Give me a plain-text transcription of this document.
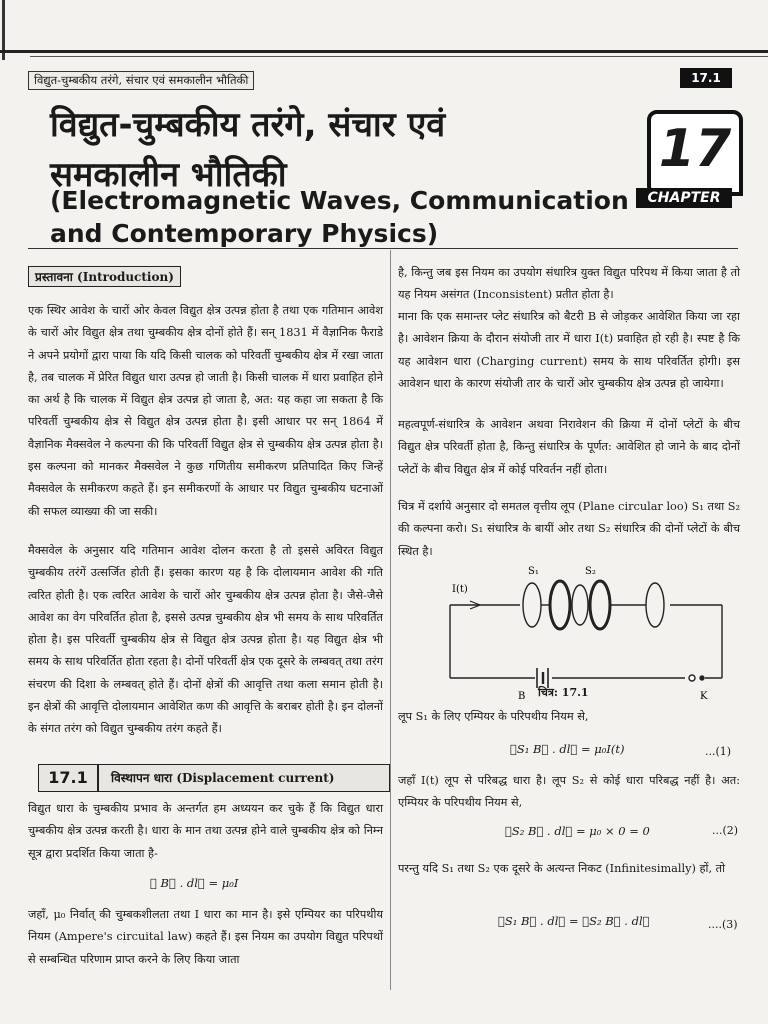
विद्युत-चुम्बकीय तरंगे, संचार एवं समकालीन भौतिकी	17.1
विद्युत-चुम्बकीय तरंगे, संचार एवं
समकालीन भौतिकी
(Electromagnetic Waves, Communication
and Contemporary Physics)
17
CHAPTER
प्रस्तावना (Introduction)
एक स्थिर आवेश के चारों ओर केवल विद्युत क्षेत्र उत्पन्न होता है तथा एक गतिमान आवेश के चारों ओर विद्युत क्षेत्र तथा चुम्बकीय क्षेत्र दोनों होते हैं। सन् 1831 में वैज्ञानिक फैराडे ने अपने प्रयोगों द्वारा पाया कि यदि किसी चालक को परिवर्ती चुम्बकीय क्षेत्र में रखा जाता है, तब चालक में प्रेरित विद्युत धारा उत्पन्न हो जाती है। किसी चालक में धारा प्रवाहित होने का अर्थ है कि चालक में विद्युत क्षेत्र उत्पन्न हो जाता है, अत: यह कहा जा सकता है कि परिवर्ती चुम्बकीय क्षेत्र से विद्युत क्षेत्र उत्पन्न होता है। इसी आधार पर सन् 1864 में वैज्ञानिक मैक्सवेल ने कल्पना की कि परिवर्ती विद्युत क्षेत्र से चुम्बकीय क्षेत्र उत्पन्न होता है। इस कल्पना को मानकर मैक्सवेल ने कुछ गणितीय समीकरण प्रतिपादित किए जिन्हें मैक्सवेल के समीकरण कहते हैं। इन समीकरणों के आधार पर विद्युत चुम्बकीय घटनाओं की सफल व्याख्या की जा सकी।
मैक्सवेल के अनुसार यदि गतिमान आवेश दोलन करता है तो इससे अविरत विद्युत चुम्बकीय तरंगें उत्सर्जित होती हैं। इसका कारण यह है कि दोलायमान आवेश की गति त्वरित होती है। एक त्वरित आवेश के चारों ओर चुम्बकीय क्षेत्र उत्पन्न होता है। जैसे-जैसे आवेश का वेग परिवर्तित होता है, इससे उत्पन्न चुम्बकीय क्षेत्र भी समय के साथ परिवर्तित होता है। इस परिवर्ती चुम्बकीय क्षेत्र से विद्युत क्षेत्र उत्पन्न होता है। यह विद्युत क्षेत्र भी समय के साथ परिवर्तित होता रहता है। दोनों परिवर्ती क्षेत्र एक दूसरे के लम्बवत् तथा तरंग संचरण की दिशा के लम्बवत् होते हैं। दोनों क्षेत्रों की आवृत्ति तथा कला समान होती है। इन क्षेत्रों की आवृत्ति दोलायमान आवेशित कण की आवृत्ति के बराबर होती है। इन दोलनों के संगत तरंग को विद्युत चुम्बकीय तरंग कहते हैं।
17.1	विस्थापन धारा (Displacement current)
विद्युत धारा के चुम्बकीय प्रभाव के अन्तर्गत हम अध्ययन कर चुके हैं कि विद्युत धारा चुम्बकीय क्षेत्र उत्पन्न करती है। धारा के मान तथा उत्पन्न होने वाले चुम्बकीय क्षेत्र को निम्न सूत्र द्वारा प्रदर्शित किया जाता है-
∮ B⃗ . dl⃗ = μ₀I
जहाँ, μ₀ निर्वात् की चुम्बकशीलता तथा I धारा का मान है। इसे एम्पियर का परिपथीय नियम (Ampere's circuital law) कहते हैं। इस नियम का उपयोग विद्युत परिपथों से सम्बन्धित परिणाम प्राप्त करने के लिए किया जाता
है, किन्तु जब इस नियम का उपयोग संधारित्र युक्त विद्युत परिपथ में किया जाता है तो यह नियम असंगत (Inconsistent) प्रतीत होता है।
माना कि एक समान्तर प्लेट संधारित्र को बैटरी B से जोड़कर आवेशित किया जा रहा है। आवेशन क्रिया के दौरान संयोजी तार में धारा I(t) प्रवाहित हो रही है। स्पष्ट है कि यह आवेशन धारा (Charging current) समय के साथ परिवर्तित होगी। इस आवेशन धारा के कारण संयोजी तार के चारों ओर चुम्बकीय क्षेत्र उत्पन्न हो जायेगा।
महत्वपूर्ण-संधारित्र के आवेशन अथवा निरावेशन की क्रिया में दोनों प्लेटों के बीच विद्युत क्षेत्र परिवर्ती होता है, किन्तु संधारित्र के पूर्णत: आवेशित हो जाने के बाद दोनों प्लेटों के बीच विद्युत क्षेत्र में कोई परिवर्तन नहीं होता।
चित्र में दर्शाये अनुसार दो समतल वृत्तीय लूप (Plane circular loo) S₁ तथा S₂ की कल्पना करो। S₁ संधारित्र के बायीं ओर तथा S₂ संधारित्र की दोनों प्लेटों के बीच स्थित है।
S₁	S₂
I(t)
B	K
चित्र: 17.1
लूप S₁ के लिए एम्पियर के परिपथीय नियम से,
∮S₁ B⃗ . dl⃗ = μ₀I(t)	...(1)
जहाँ I(t) लूप से परिबद्ध धारा है। लूप S₂ से कोई धारा परिबद्ध नहीं है। अत: एम्पियर के परिपथीय नियम से,
∮S₂ B⃗ . dl⃗ = μ₀ × 0 = 0	...(2)
परन्तु यदि S₁ तथा S₂ एक दूसरे के अत्यन्त निकट (Infinitesimally) हों, तो
∮S₁ B⃗ . dl⃗ = ∮S₂ B⃗ . dl⃗	....(3)
